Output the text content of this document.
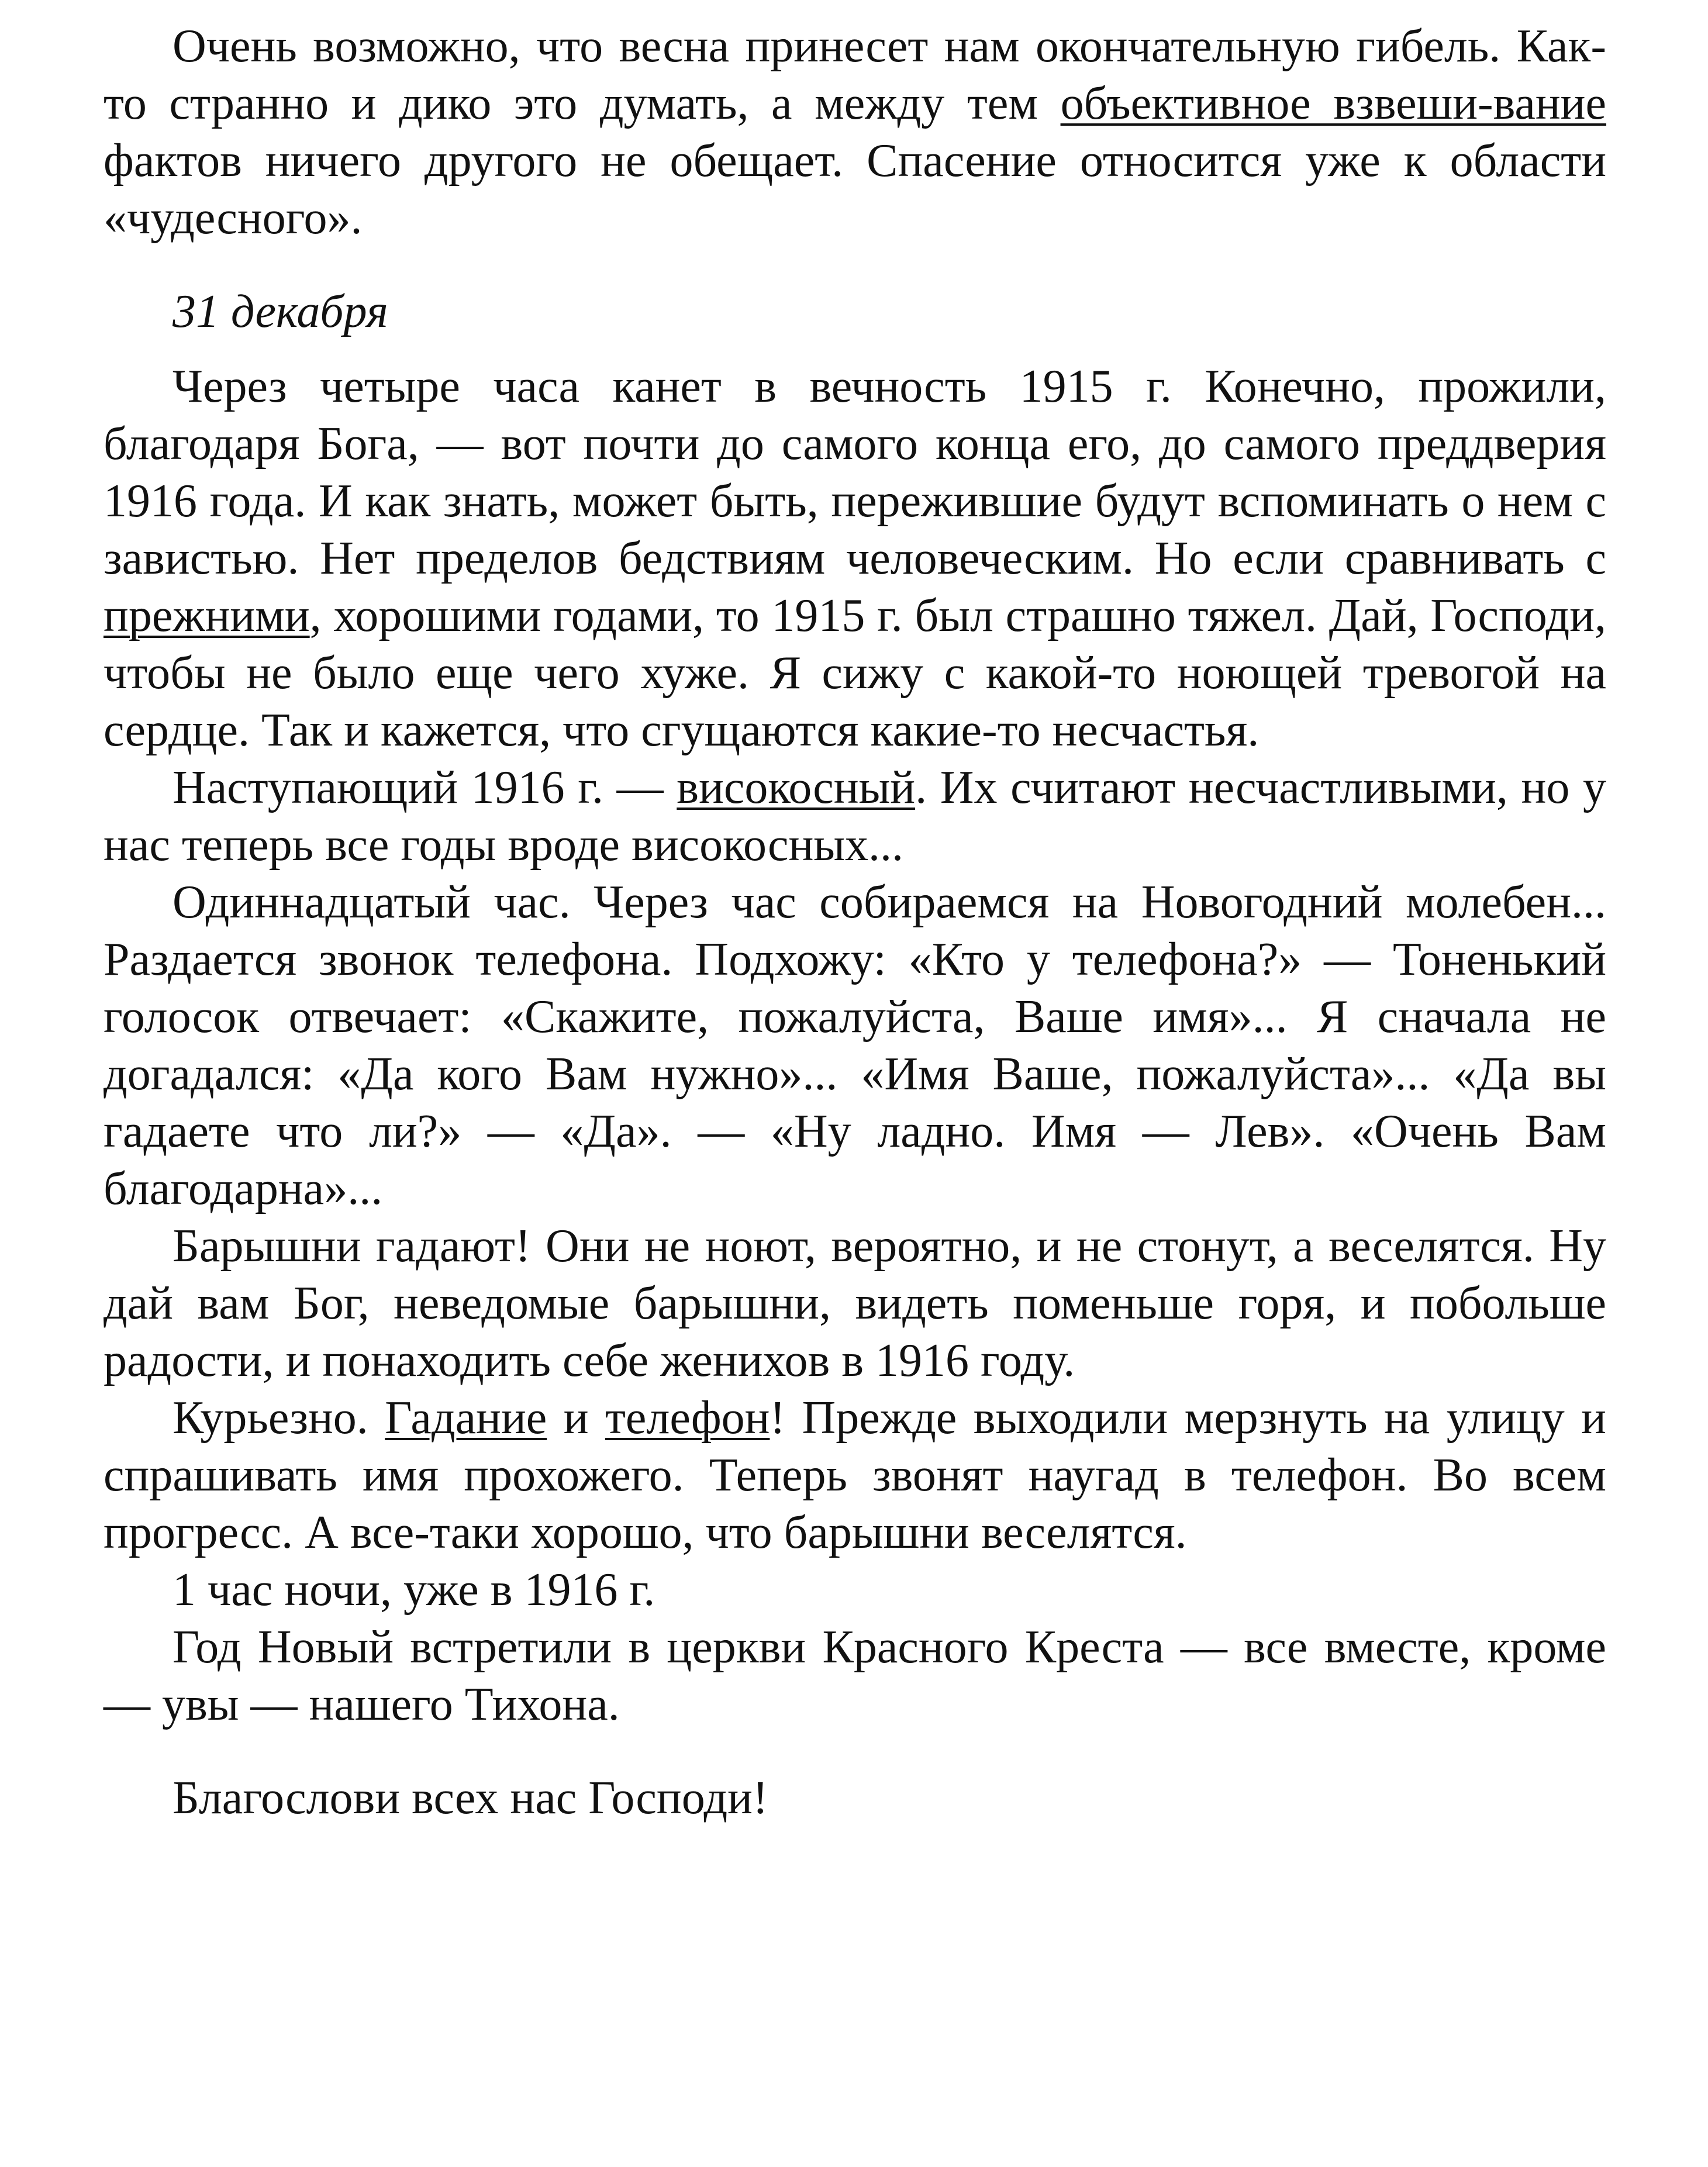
Очень возможно, что весна принесет нам окончательную гибель. Как-то странно и дико это думать, а между тем объективное взвеши-вание фактов ничего другого не обещает. Спасение относится уже к области «чудесного».

31 декабря

Через четыре часа канет в вечность 1915 г. Конечно, прожили, благодаря Бога, — вот почти до самого конца его, до самого преддверия 1916 года. И как знать, может быть, пережившие будут вспоминать о нем с завистью. Нет пределов бедствиям человеческим. Но если сравнивать с прежними, хорошими годами, то 1915 г. был страшно тяжел. Дай, Господи, чтобы не было еще чего хуже. Я сижу с какой-то ноющей тревогой на сердце. Так и кажется, что сгущаются какие-то несчастья.

Наступающий 1916 г. — високосный. Их считают несчастливыми, но у нас теперь все годы вроде високосных...

Одиннадцатый час. Через час собираемся на Новогодний молебен... Раздается звонок телефона. Подхожу: «Кто у телефона?» — Тоненький голосок отвечает: «Скажите, пожалуйста, Ваше имя»... Я сначала не догадался: «Да кого Вам нужно»... «Имя Ваше, пожалуйста»... «Да вы гадаете что ли?» — «Да». — «Ну ладно. Имя — Лев». «Очень Вам благодарна»...

Барышни гадают! Они не ноют, вероятно, и не стонут, а веселятся. Ну дай вам Бог, неведомые барышни, видеть поменьше горя, и побольше радости, и понаходить себе женихов в 1916 году.

Курьезно. Гадание и телефон! Прежде выходили мерзнуть на улицу и спрашивать имя прохожего. Теперь звонят наугад в телефон. Во всем прогресс. А все-таки хорошо, что барышни веселятся.

1 час ночи, уже в 1916 г.

Год Новый встретили в церкви Красного Креста — все вместе, кроме — увы — нашего Тихона.

Благослови всех нас Господи!
